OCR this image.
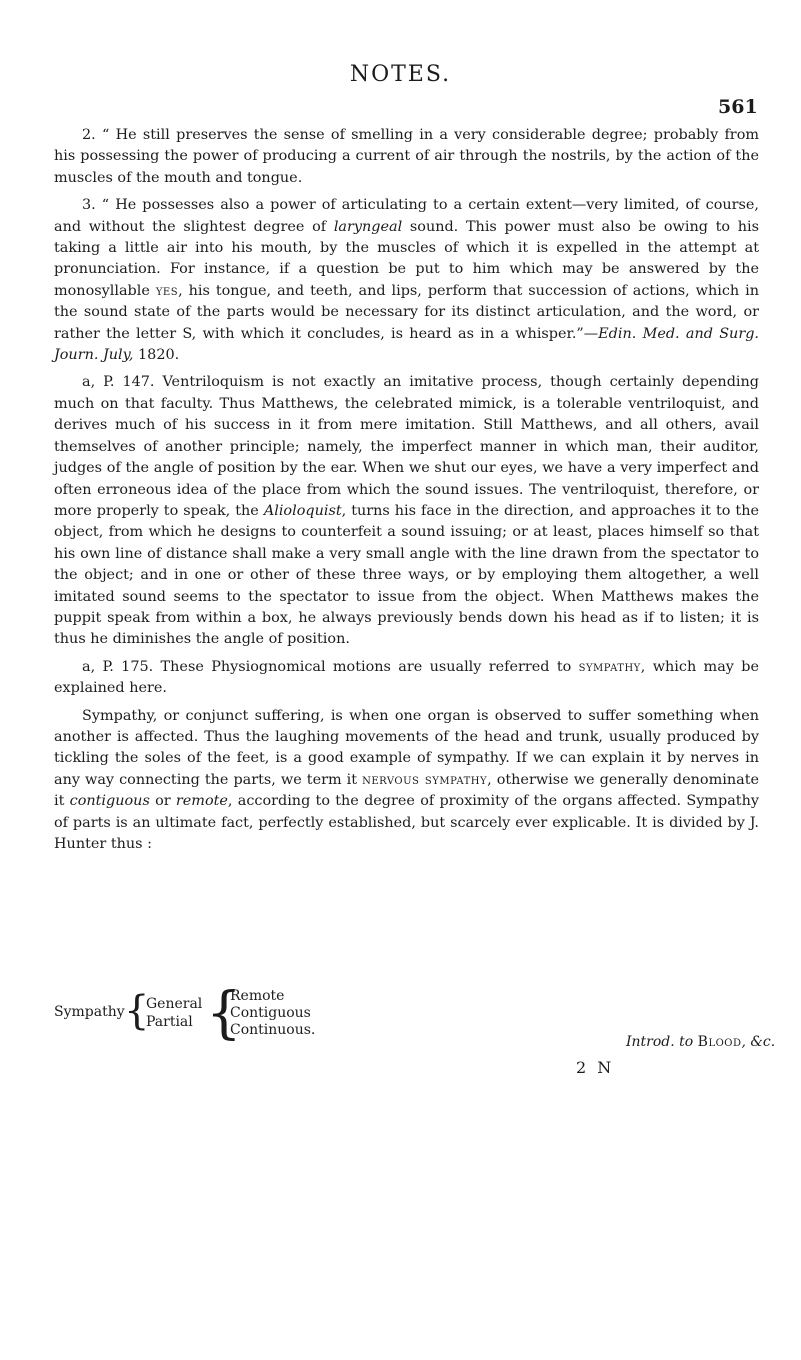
NOTES.
561

2. “ He still preserves the sense of smelling in a very considerable degree; probably from his possessing the power of producing a current of air through the nostrils, by the action of the muscles of the mouth and tongue.

3. “ He possesses also a power of articulating to a certain extent—very limited, of course, and without the slightest degree of laryngeal sound. This power must also be owing to his taking a little air into his mouth, by the muscles of which it is expelled in the attempt at pronunciation. For instance, if a question be put to him which may be answered by the monosyllable yes, his tongue, and teeth, and lips, perform that succession of actions, which in the sound state of the parts would be necessary for its distinct articulation, and the word, or rather the letter S, with which it concludes, is heard as in a whisper.”—Edin. Med. and Surg. Journ. July, 1820.

a, P. 147. Ventriloquism is not exactly an imitative process, though certainly depending much on that faculty. Thus Matthews, the celebrated mimick, is a tolerable ventriloquist, and derives much of his success in it from mere imitation. Still Matthews, and all others, avail themselves of another principle; namely, the imperfect manner in which man, their auditor, judges of the angle of position by the ear. When we shut our eyes, we have a very imperfect and often erroneous idea of the place from which the sound issues. The ventriloquist, therefore, or more properly to speak, the Alioloquist, turns his face in the direction, and approaches it to the object, from which he designs to counterfeit a sound issuing; or at least, places himself so that his own line of distance shall make a very small angle with the line drawn from the spectator to the object; and in one or other of these three ways, or by employing them altogether, a well imitated sound seems to the spectator to issue from the object. When Matthews makes the puppit speak from within a box, he always previously bends down his head as if to listen; it is thus he diminishes the angle of position.

a, P. 175. These Physiognomical motions are usually referred to sympathy, which may be explained here.

Sympathy, or conjunct suffering, is when one organ is observed to suffer something when another is affected. Thus the laughing movements of the head and trunk, usually produced by tickling the soles of the feet, is a good example of sympathy. If we can explain it by nerves in any way connecting the parts, we term it nervous sympathy, otherwise we generally denominate it contiguous or remote, according to the degree of proximity of the organs affected. Sympathy of parts is an ultimate fact, perfectly established, but scarcely ever explicable. It is divided by J. Hunter thus :

Sympathy {
General
Partial {
Remote
Contiguous
Continuous.
Introd. to Blood, &c.
2 N
